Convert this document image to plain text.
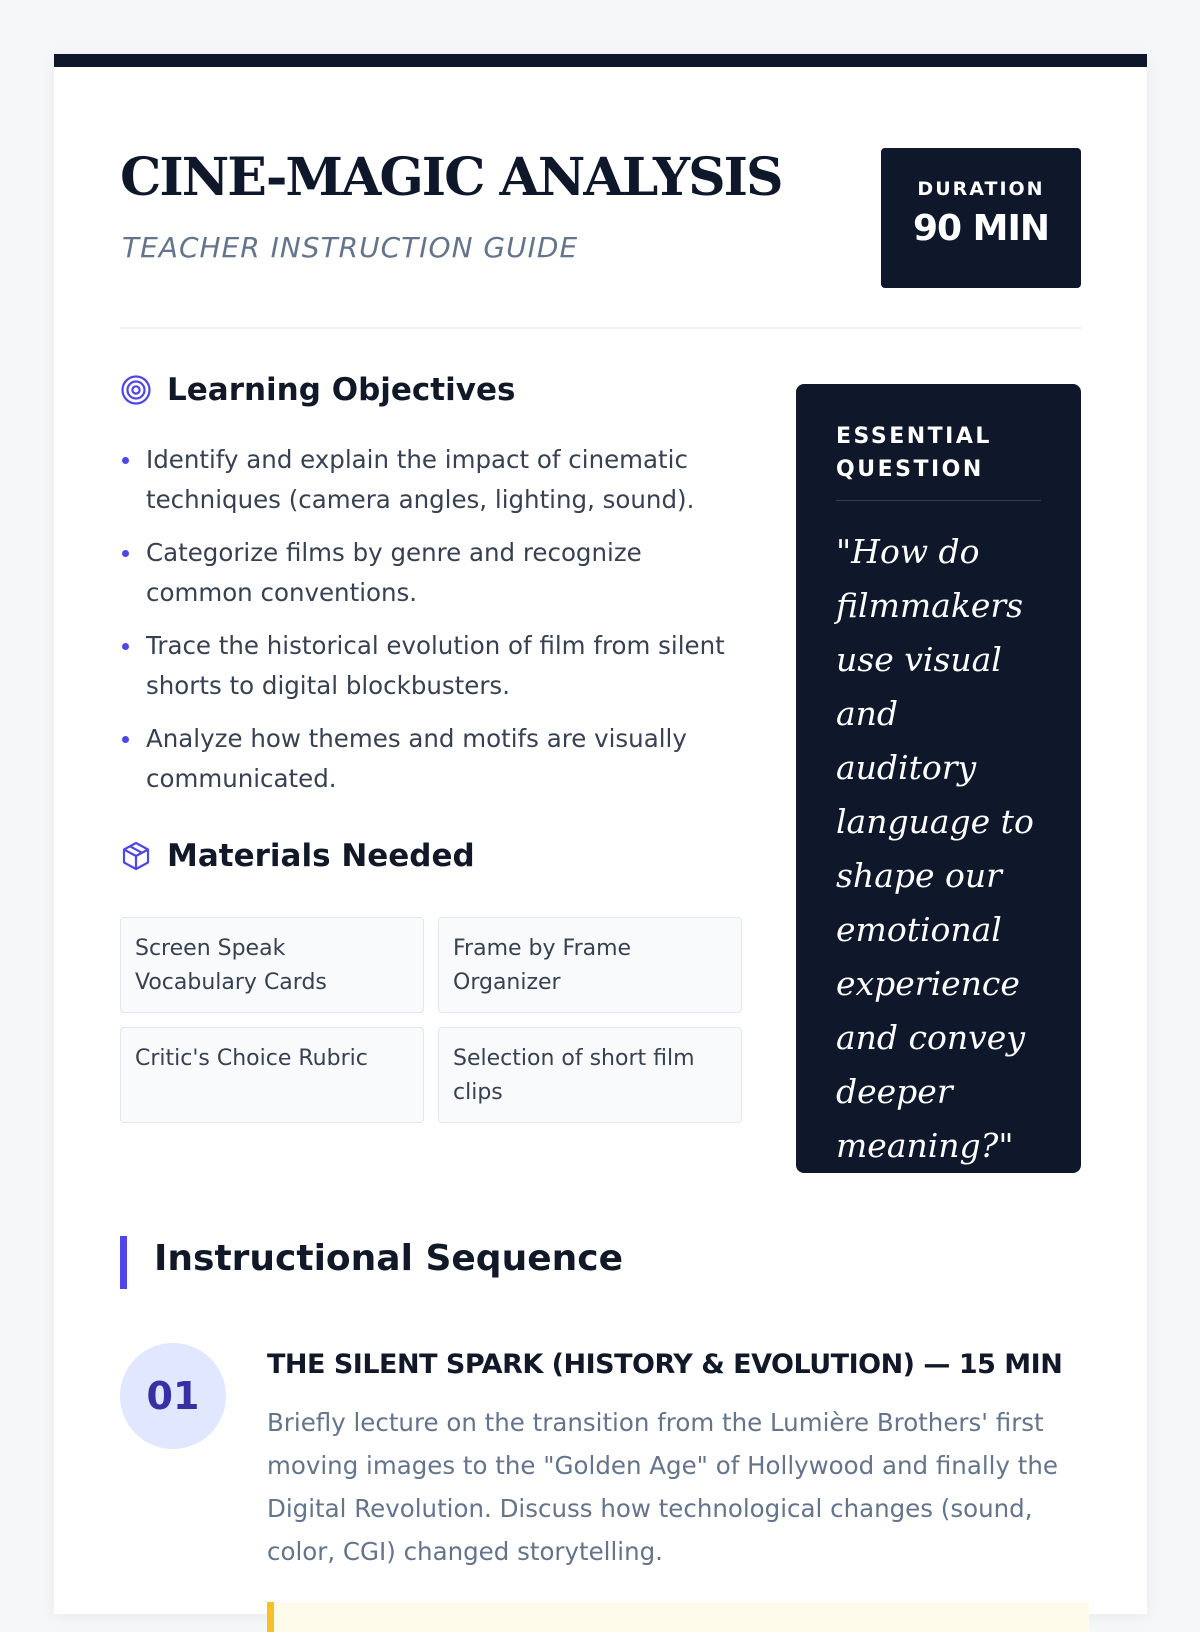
CINE-MAGIC ANALYSIS
TEACHER INSTRUCTION GUIDE
DURATION
90 MIN
Learning Objectives
Identify and explain the impact of cinematic techniques (camera angles, lighting, sound).
Categorize films by genre and recognize common conventions.
Trace the historical evolution of film from silent shorts to digital blockbusters.
Analyze how themes and motifs are visually communicated.
Materials Needed
Screen Speak Vocabulary Cards
Frame by Frame Organizer
Critic's Choice Rubric	Selection of short film clips
ESSENTIAL QUESTION
"How do filmmakers use visual and auditory language to shape our emotional experience and convey deeper meaning?"
Instructional Sequence
01
THE SILENT SPARK (HISTORY & EVOLUTION) — 15 MIN
Briefly lecture on the transition from the Lumière Brothers' first moving images to the "Golden Age" of Hollywood and finally the Digital Revolution. Discuss how technological changes (sound, color, CGI) changed storytelling.
